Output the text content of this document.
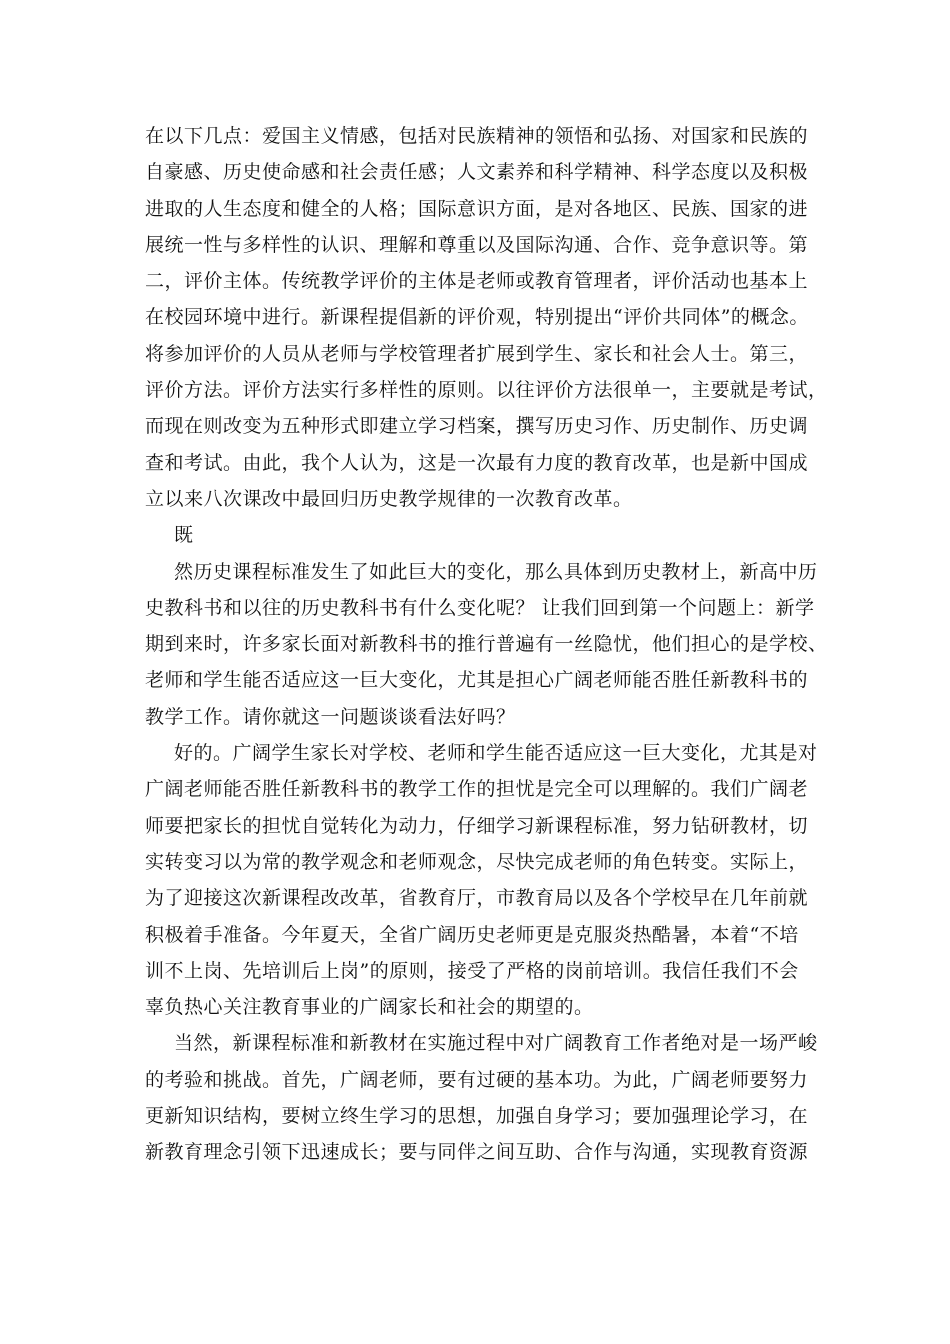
在以下几点：爱国主义情感，包括对民族精神的领悟和弘扬、对国家和民族的
自豪感、历史使命感和社会责任感；人文素养和科学精神、科学态度以及积极
进取的人生态度和健全的人格；国际意识方面，是对各地区、民族、国家的进
展统一性与多样性的认识、理解和尊重以及国际沟通、合作、竞争意识等。第
二，评价主体。传统教学评价的主体是老师或教育管理者，评价活动也基本上
在校园环境中进行。新课程提倡新的评价观，特别提出“评价共同体”的概念。
将参加评价的人员从老师与学校管理者扩展到学生、家长和社会人士。第三，
评价方法。评价方法实行多样性的原则。以往评价方法很单一，主要就是考试，
而现在则改变为五种形式即建立学习档案，撰写历史习作、历史制作、历史调
查和考试。由此，我个人认为，这是一次最有力度的教育改革，也是新中国成
立以来八次课改中最回归历史教学规律的一次教育改革。
既
然历史课程标准发生了如此巨大的变化，那么具体到历史教材上，新高中历
史教科书和以往的历史教科书有什么变化呢？ 让我们回到第一个问题上：新学
期到来时，许多家长面对新教科书的推行普遍有一丝隐忧，他们担心的是学校、
老师和学生能否适应这一巨大变化，尤其是担心广阔老师能否胜任新教科书的
教学工作。请你就这一问题谈谈看法好吗？
好的。广阔学生家长对学校、老师和学生能否适应这一巨大变化，尤其是对
广阔老师能否胜任新教科书的教学工作的担忧是完全可以理解的。我们广阔老
师要把家长的担忧自觉转化为动力，仔细学习新课程标准，努力钻研教材，切
实转变习以为常的教学观念和老师观念，尽快完成老师的角色转变。实际上，
为了迎接这次新课程改改革，省教育厅，市教育局以及各个学校早在几年前就
积极着手准备。今年夏天，全省广阔历史老师更是克服炎热酷暑，本着“不培
训不上岗、先培训后上岗”的原则，接受了严格的岗前培训。我信任我们不会
辜负热心关注教育事业的广阔家长和社会的期望的。
当然，新课程标准和新教材在实施过程中对广阔教育工作者绝对是一场严峻
的考验和挑战。首先，广阔老师，要有过硬的基本功。为此，广阔老师要努力
更新知识结构，要树立终生学习的思想，加强自身学习；要加强理论学习，在
新教育理念引领下迅速成长；要与同伴之间互助、合作与沟通，实现教育资源
